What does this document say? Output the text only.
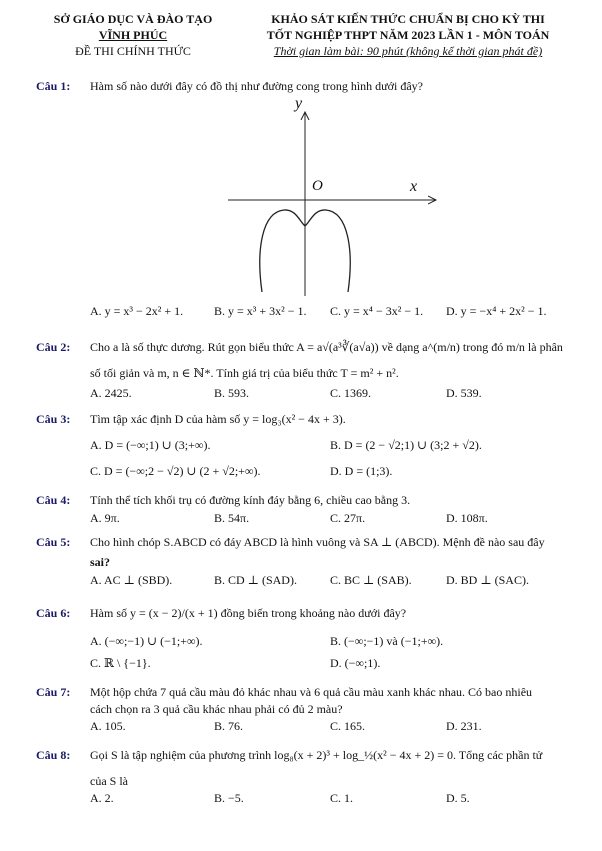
SỞ GIÁO DỤC VÀ ĐÀO TẠO
VĨNH PHÚC
ĐỀ THI CHÍNH THỨC
KHẢO SÁT KIẾN THỨC CHUẨN BỊ CHO KỲ THI
TỐT NGHIỆP THPT NĂM 2023 LẦN 1 - MÔN TOÁN
Thời gian làm bài: 90 phút (không kể thời gian phát đề)
Câu 1: Hàm số nào dưới đây có đồ thị như đường cong trong hình dưới đây?
y
x
O
A. y = x³ − 2x² + 1.	B. y = x³ + 3x² − 1. C. y = x⁴ − 3x² − 1. D. y = −x⁴ + 2x² − 1.
Câu 2: Cho a là số thực dương. Rút gọn biểu thức A = a√(a³∛(a√a)) về dạng a^(m/n) trong đó m/n là phân
số tối giản và m, n ∈ ℕ*. Tính giá trị của biểu thức T = m² + n².
A. 2425.	B. 593.	C. 1369.	D. 539.
Câu 3: Tìm tập xác định D của hàm số y = log₃(x² − 4x + 3).
A. D = (−∞;1) ∪ (3;+∞).	B. D = (2 − √2;1) ∪ (3;2 + √2).
C. D = (−∞;2 − √2) ∪ (2 + √2;+∞).	D. D = (1;3).
Câu 4: Tính thể tích khối trụ có đường kính đáy bằng 6, chiều cao bằng 3.
A. 9π.	B. 54π.	C. 27π.	D. 108π.
Câu 5: Cho hình chóp S.ABCD có đáy ABCD là hình vuông và SA ⊥ (ABCD). Mệnh đề nào sau đây
sai?
A. AC ⊥ (SBD).	B. CD ⊥ (SAD).	C. BC ⊥ (SAB).	D. BD ⊥ (SAC).
Câu 6: Hàm số y = (x − 2)/(x + 1) đồng biến trong khoảng nào dưới đây?
A. (−∞;−1) ∪ (−1;+∞).	B. (−∞;−1) và (−1;+∞).
C. ℝ \ {−1}.	D. (−∞;1).
Câu 7: Một hộp chứa 7 quả cầu màu đỏ khác nhau và 6 quả cầu màu xanh khác nhau. Có bao nhiêu
cách chọn ra 3 quả cầu khác nhau phải có đủ 2 màu?
A. 105.	B. 76.	C. 165.	D. 231.
Câu 8: Gọi S là tập nghiệm của phương trình log₈(x + 2)³ + log_½(x² − 4x + 2) = 0. Tổng các phần tử
của S là
A. 2.	B. −5.	C. 1.	D. 5.
